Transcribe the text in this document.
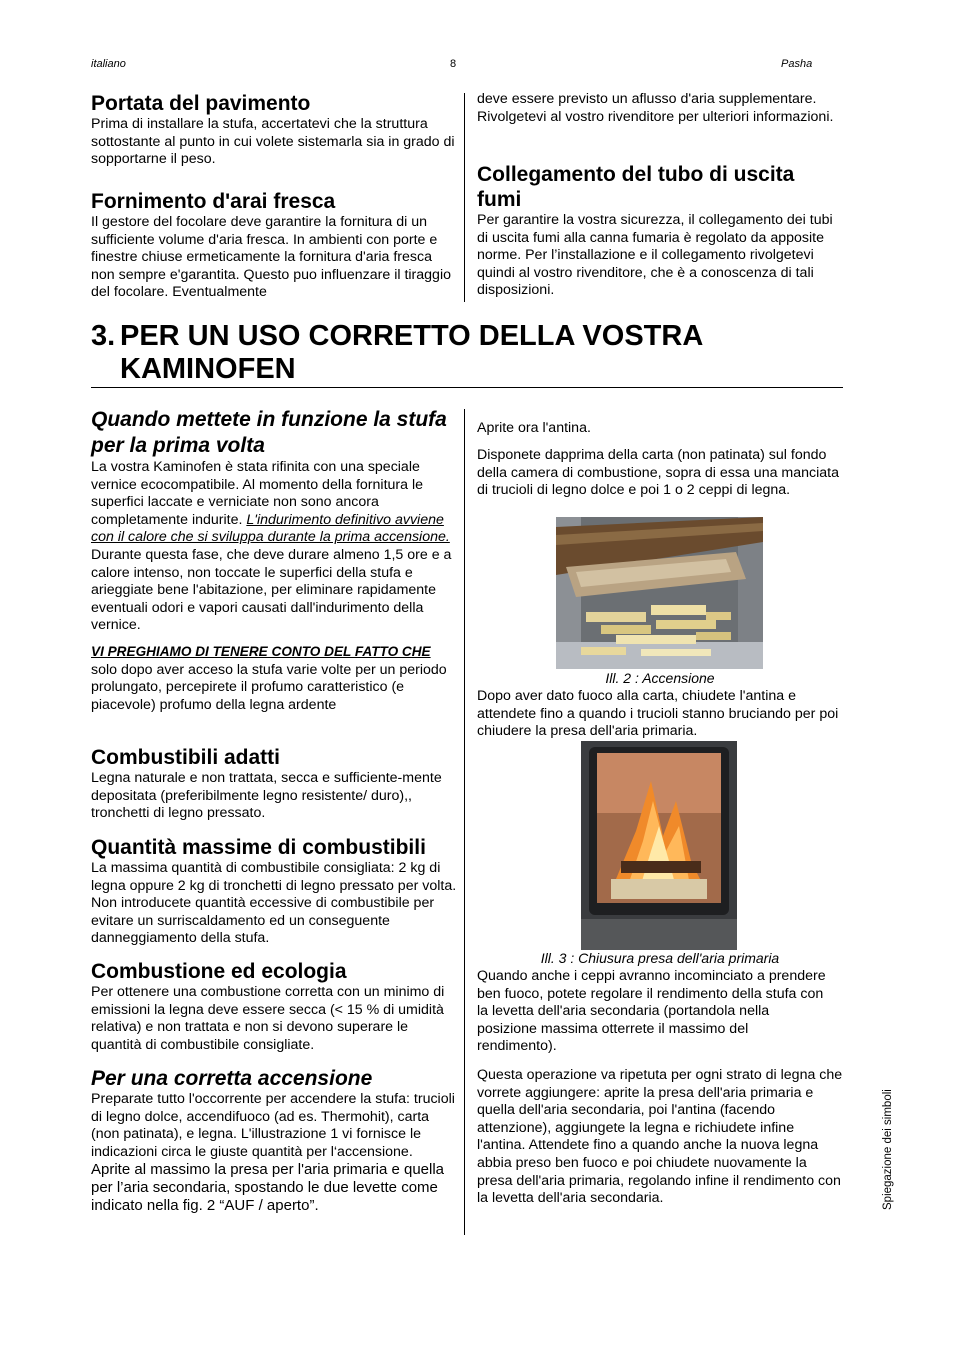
italiano	8	Pasha
Portata del pavimento

Prima di installare la stufa, accertatevi che la struttura sottostante al punto in cui volete sistemarla sia in grado di sopportarne il peso.

Fornimento d'arai fresca

Il gestore del focolare deve garantire la fornitura di un sufficiente volume d'aria fresca. In ambienti con porte e finestre chiuse ermeticamente la fornitura d'aria fresca non sempre e'garantita. Questo puo influenzare il tiraggio del focolare. Eventualmente

deve essere previsto un aflusso d'aria supplementare. Rivolgetevi al vostro rivenditore per ulteriori informazioni.

Collegamento del tubo di uscita fumi

Per garantire la vostra sicurezza, il collegamento dei tubi di uscita fumi alla canna fumaria è regolato da apposite norme. Per l’installazione e il collegamento rivolgetevi quindi al vostro rivenditore, che è a conoscenza di tali disposizioni.

3. PER UN USO CORRETTO DELLA VOSTRA
KAMINOFEN
Quando mettete in funzione la stufa per la prima volta

La vostra Kaminofen è stata rifinita con una speciale vernice ecocompatibile. Al momento della fornitura le superfici laccate e verniciate non sono ancora completamente indurite. L'indurimento definitivo avviene con il calore che si sviluppa durante la prima accensione. Durante questa fase, che deve durare almeno 1,5 ore e a calore intenso, non toccate le superfici della stufa e arieggiate bene l'abitazione, per eliminare rapidamente eventuali odori e vapori causati dall'indurimento della vernice.

VI PREGHIAMO DI TENERE CONTO DEL FATTO CHE solo dopo aver acceso la stufa varie volte per un periodo prolungato, percepirete il profumo caratteristico (e piacevole) profumo della legna ardente

Combustibili adatti

Legna naturale e non trattata, secca e sufficiente-mente depositata (preferibilmente legno resistente/ duro),, tronchetti di legno pressato.

Quantità massime di combustibili

La massima quantità di combustibile consigliata: 2 kg di legna oppure 2 kg di tronchetti di legno pressato per volta. Non introducete quantità eccessive di combustibile per evitare un surriscaldamento ed un conseguente danneggiamento della stufa.

Combustione ed ecologia

Per ottenere una combustione corretta con un minimo di emissioni la legna deve essere secca (< 15 % di umidità relativa) e non trattata e non si devono superare le quantità di combustibile consigliate.

Per una corretta accensione

Preparate tutto l'occorrente per accendere la stufa: trucioli di legno dolce, accendifuoco (ad es. Thermohit), carta (non patinata), e legna. L'illustrazione 1 vi fornisce le indicazioni circa le giuste quantità per l‘accensione.

Aprite al massimo la presa per l'aria primaria e quella per l’aria secondaria, spostando le due levette come indicato nella fig. 2 “AUF / aperto”.

Aprite ora l'antina.

Disponete dapprima della carta (non patinata) sul fondo della camera di combustione, sopra di essa una manciata di trucioli di legno dolce e poi 1 o 2 ceppi di legna.

Ill. 2 : Accensione

Dopo aver dato fuoco alla carta, chiudete l'antina e attendete fino a quando i trucioli stanno bruciando per poi chiudere la presa dell'aria primaria.

Ill. 3 : Chiusura presa dell'aria primaria

Quando anche i ceppi avranno incominciato a prendere ben fuoco, potete regolare il rendimento della stufa con la levetta dell'aria secondaria (portandola nella posizione massima otterrete il massimo del rendimento).

Questa operazione va ripetuta per ogni strato di legna che vorrete aggiungere: aprite la presa dell'aria primaria e quella dell'aria secondaria, poi l'antina (facendo attenzione), aggiungete la legna e richiudete infine l'antina. Attendete fino a quando anche la nuova legna abbia preso ben fuoco e poi chiudete nuovamente la presa dell'aria primaria, regolando infine il rendimento con la levetta dell'aria secondaria.	Spiegazione dei simboli
